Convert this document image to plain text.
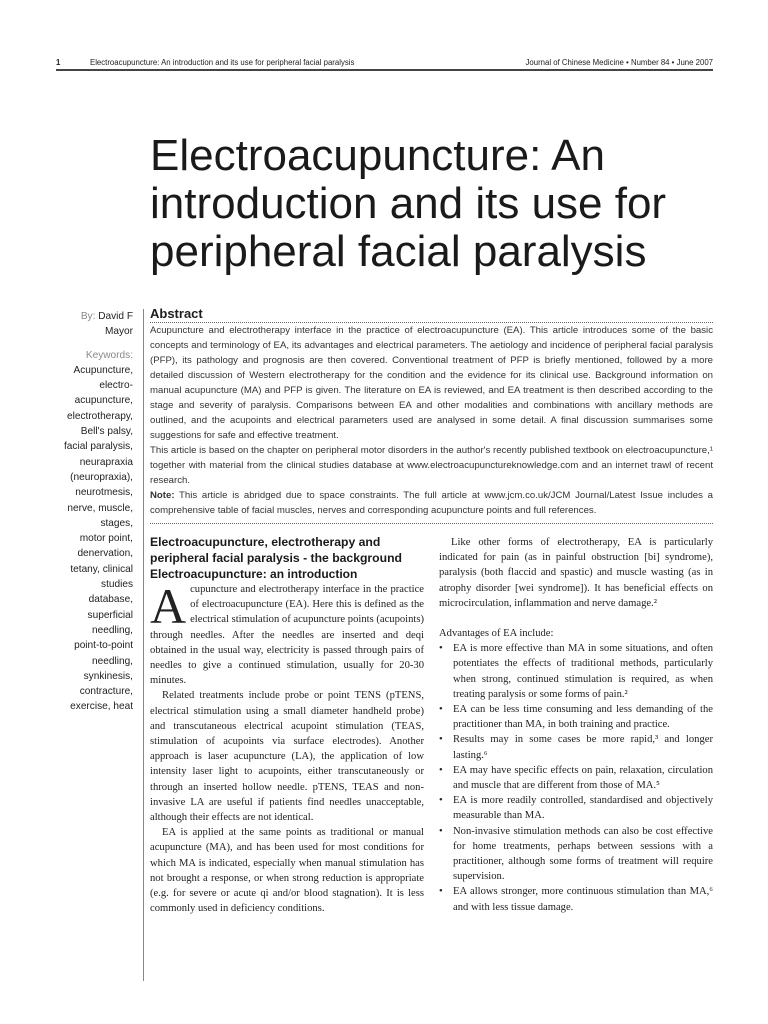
1	Electroacupuncture: An introduction and its use for peripheral facial paralysis	Journal of Chinese Medicine • Number 84 • June 2007
Electroacupuncture: An
introduction and its use for
peripheral facial paralysis
By: David F
Mayor
Keywords:
Acupuncture,
electro-
acupuncture,
electrotherapy,
Bell's palsy,
facial paralysis,
neurapraxia
(neuropraxia),
neurotmesis,
nerve, muscle,
stages,
motor point,
denervation,
tetany, clinical
studies
database,
superficial
needling,
point-to-point
needling,
synkinesis,
contracture,
exercise, heat
Abstract

Acupuncture and electrotherapy interface in the practice of electroacupuncture (EA). This article introduces some of the basic concepts and terminology of EA, its advantages and electrical parameters. The aetiology and incidence of peripheral facial paralysis (PFP), its pathology and prognosis are then covered. Conventional treatment of PFP is briefly mentioned, followed by a more detailed discussion of Western electrotherapy for the condition and the evidence for its clinical use. Background information on manual acupuncture (MA) and PFP is given. The literature on EA is reviewed, and EA treatment is then described according to the stage and severity of paralysis. Comparisons between EA and other modalities and combinations with ancillary methods are outlined, and the acupoints and electrical parameters used are analysed in some detail. A final discussion summarises some suggestions for safe and effective treatment.

This article is based on the chapter on peripheral motor disorders in the author's recently published textbook on electroacupuncture,¹ together with material from the clinical studies database at www.electroacupunctureknowledge.com and an internet trawl of recent research.

Note: This article is abridged due to space constraints. The full article at www.jcm.co.uk/JCM Journal/Latest Issue includes a comprehensive table of facial muscles, nerves and corresponding acupuncture points and full references.

Electroacupuncture, electrotherapy and peripheral facial paralysis - the background
Electroacupuncture: an introduction

Acupuncture and electrotherapy interface in the practice of electroacupuncture (EA). Here this is defined as the electrical stimulation of acupuncture points (acupoints) through needles. After the needles are inserted and deqi obtained in the usual way, electricity is passed through pairs of needles to give a continued stimulation, usually for 20-30 minutes.

Related treatments include probe or point TENS (pTENS, electrical stimulation using a small diameter handheld probe) and transcutaneous electrical acupoint stimulation (TEAS, stimulation of acupoints via surface electrodes). Another approach is laser acupuncture (LA), the application of low intensity laser light to acupoints, either transcutaneously or through an inserted hollow needle. pTENS, TEAS and non-invasive LA are useful if patients find needles unacceptable, although their effects are not identical.

EA is applied at the same points as traditional or manual acupuncture (MA), and has been used for most conditions for which MA is indicated, especially when manual stimulation has not brought a response, or when strong reduction is appropriate (e.g. for severe or acute qi and/or blood stagnation). It is less commonly used in deficiency conditions.

Like other forms of electrotherapy, EA is particularly indicated for pain (as in painful obstruction [bi] syndrome), paralysis (both flaccid and spastic) and muscle wasting (as in atrophy disorder [wei syndrome]). It has beneficial effects on microcirculation, inflammation and nerve damage.²

Advantages of EA include:

• EA is more effective than MA in some situations, and often potentiates the effects of traditional methods, particularly when strong, continued stimulation is required, as when treating paralysis or some forms of pain.²
• EA can be less time consuming and less demanding of the practitioner than MA, in both training and practice.
• Results may in some cases be more rapid,³ and longer lasting.⁶
• EA may have specific effects on pain, relaxation, circulation and muscle that are different from those of MA.⁵
• EA is more readily controlled, standardised and objectively measurable than MA.
• Non-invasive stimulation methods can also be cost effective for home treatments, perhaps between sessions with a practitioner, although some forms of treatment will require supervision.
• EA allows stronger, more continuous stimulation than MA,⁶ and with less tissue damage.
